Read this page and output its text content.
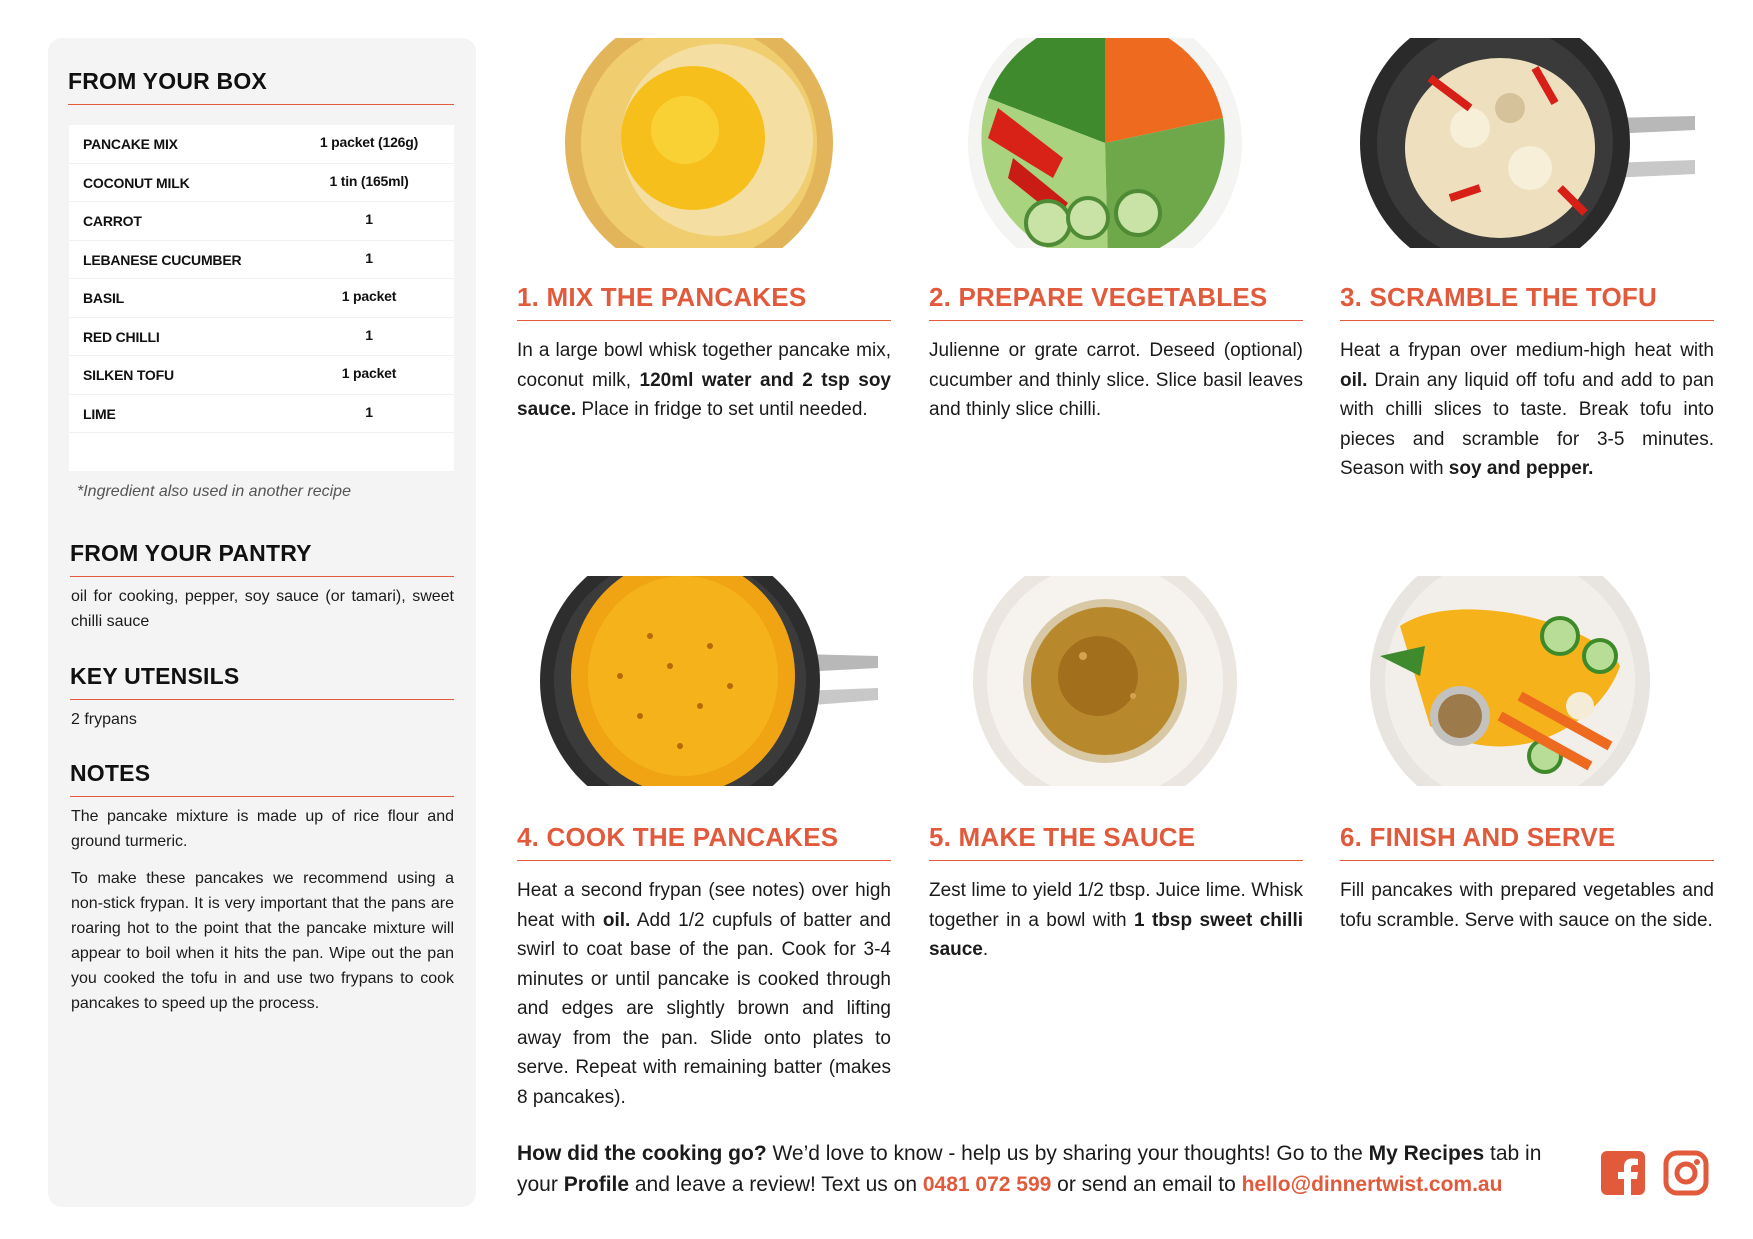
FROM YOUR BOX
PANCAKE MIX	1 packet (126g)
COCONUT MILK	1 tin (165ml)
CARROT	1
LEBANESE CUCUMBER	1
BASIL	1 packet
RED CHILLI	1
SILKEN TOFU	1 packet
LIME	1
*Ingredient also used in another recipe
FROM YOUR PANTRY

oil for cooking, pepper, soy sauce (or tamari), sweet chilli sauce

KEY UTENSILS

2 frypans

NOTES

The pancake mixture is made up of rice flour and ground turmeric.

To make these pancakes we recommend using a non-stick frypan. It is very important that the pans are roaring hot to the point that the pancake mixture will appear to boil when it hits the pan. Wipe out the pan you cooked the tofu in and use two frypans to cook pancakes to speed up the process.

1. MIX THE PANCAKES

In a large bowl whisk together pancake mix, coconut milk, 120ml water and 2 tsp soy sauce. Place in fridge to set until needed.

2. PREPARE VEGETABLES

Julienne or grate carrot. Deseed (optional) cucumber and thinly slice. Slice basil leaves and thinly slice chilli.

3. SCRAMBLE THE TOFU

Heat a frypan over medium-high heat with oil. Drain any liquid off tofu and add to pan with chilli slices to taste. Break tofu into pieces and scramble for 3-5 minutes. Season with soy and pepper.

4. COOK THE PANCAKES

Heat a second frypan (see notes) over high heat with oil. Add 1/2 cupfuls of batter and swirl to coat base of the pan. Cook for 3-4 minutes or until pancake is cooked through and edges are slightly brown and lifting away from the pan. Slide onto plates to serve. Repeat with remaining batter (makes 8 pancakes).

5. MAKE THE SAUCE

Zest lime to yield 1/2 tbsp. Juice lime. Whisk together in a bowl with 1 tbsp sweet chilli sauce.

6. FINISH AND SERVE

Fill pancakes with prepared vegetables and tofu scramble. Serve with sauce on the side.

How did the cooking go? We’d love to know - help us by sharing your thoughts! Go to the My Recipes tab in your Profile and leave a review! Text us on 0481 072 599 or send an email to hello@dinnertwist.com.au
